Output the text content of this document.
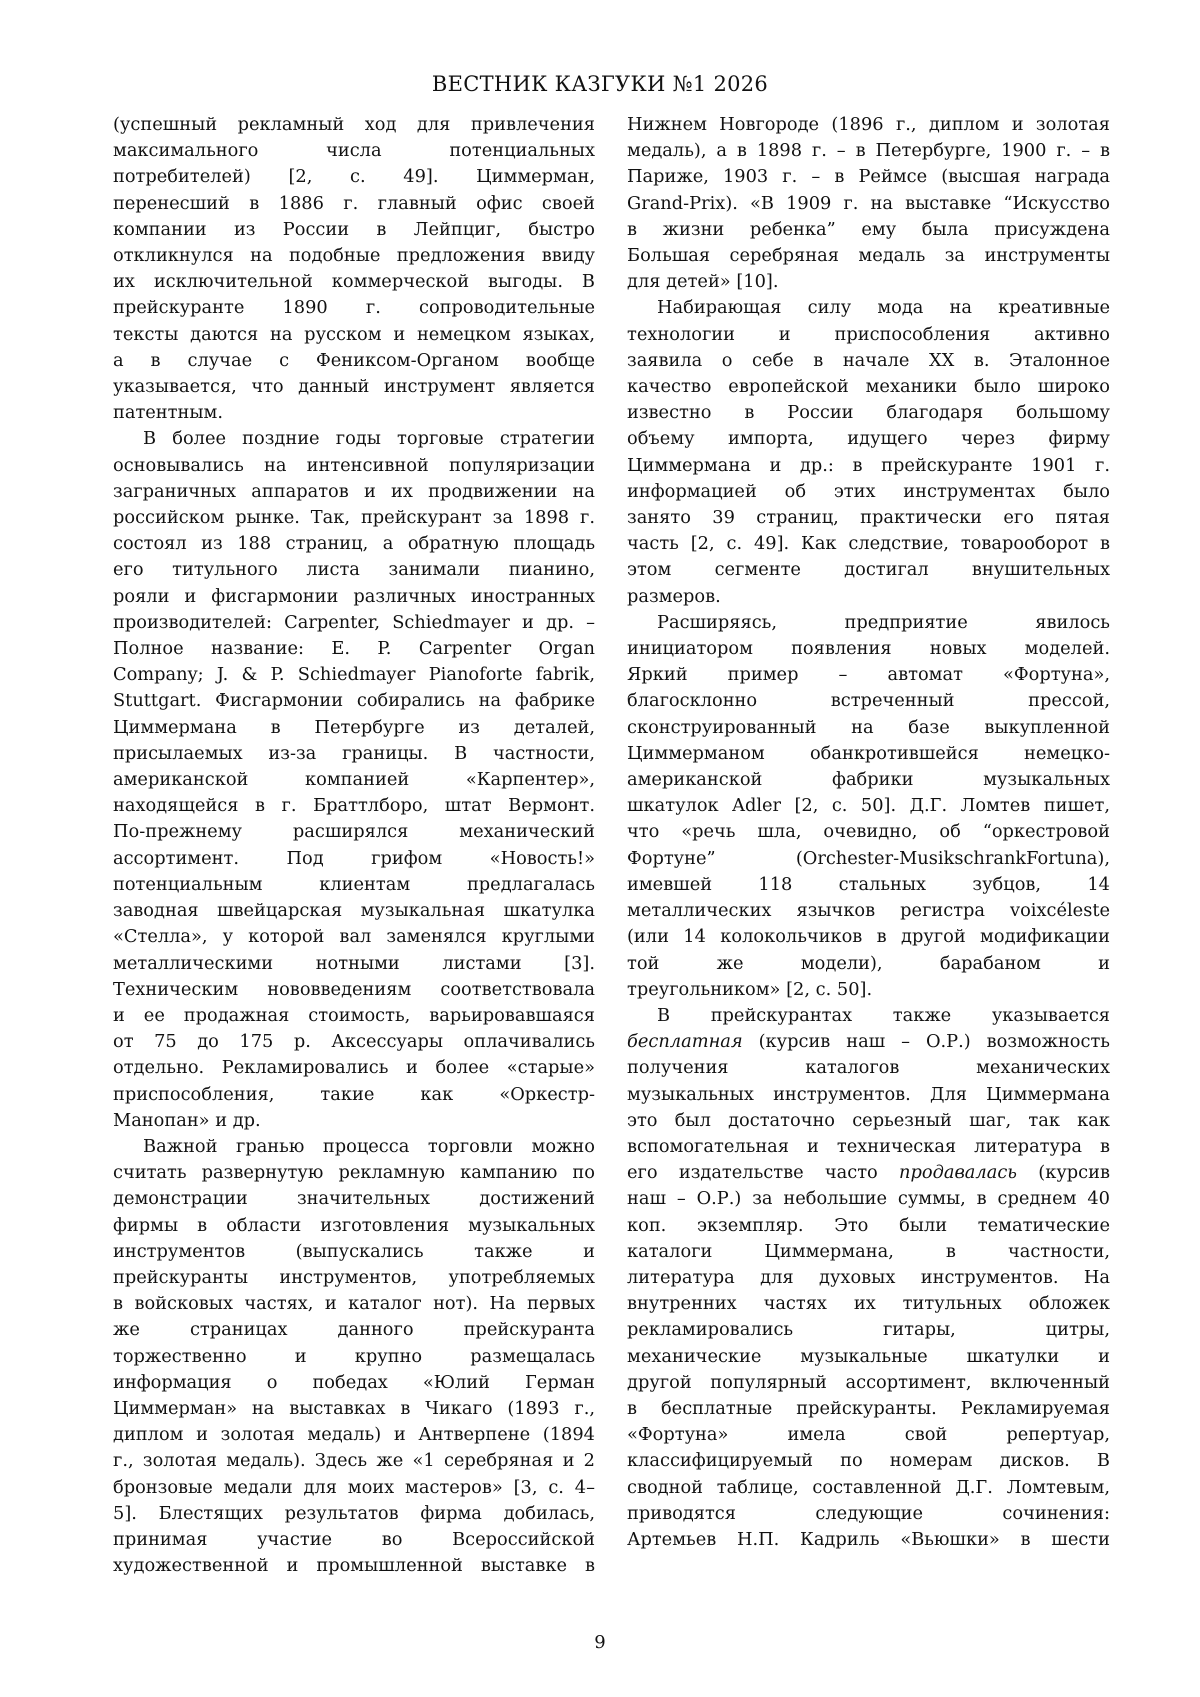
ВЕСТНИК КАЗГУКИ №1 2026

(успешный рекламный ход для привлечения
максимального числа потенциальных
потребителей) [2, с. 49]. Циммерман,
перенесший в 1886 г. главный офис своей
компании из России в Лейпциг, быстро
откликнулся на подобные предложения ввиду
их исключительной коммерческой выгоды. В
прейскуранте 1890 г. сопроводительные
тексты даются на русском и немецком языках,
а в случае с Фениксом-Органом вообще
указывается, что данный инструмент является
патентным.

В более поздние годы торговые стратегии
основывались на интенсивной популяризации
заграничных аппаратов и их продвижении на
российском рынке. Так, прейскурант за 1898 г.
состоял из 188 страниц, а обратную площадь
его титульного листа занимали пианино,
рояли и фисгармонии различных иностранных
производителей: Carpenter, Schiedmayer и др. –
Полное название: E. P. Carpenter Organ
Company; J. & P. Schiedmayer Pianoforte fabrik,
Stuttgart. Фисгармонии собирались на фабрике
Циммермана в Петербурге из деталей,
присылаемых из-за границы. В частности,
американской компанией «Карпентер»,
находящейся в г. Браттлборо, штат Вермонт.
По-прежнему расширялся механический
ассортимент. Под грифом «Новость!»
потенциальным клиентам предлагалась
заводная швейцарская музыкальная шкатулка
«Стелла», у которой вал заменялся круглыми
металлическими нотными листами [3].
Техническим нововведениям соответствовала
и ее продажная стоимость, варьировавшаяся
от 75 до 175 р. Аксессуары оплачивались
отдельно. Рекламировались и более «старые»
приспособления, такие как «Оркестр-
Манопан» и др.

Важной гранью процесса торговли можно
считать развернутую рекламную кампанию по
демонстрации значительных достижений
фирмы в области изготовления музыкальных
инструментов (выпускались также и
прейскуранты инструментов, употребляемых
в войсковых частях, и каталог нот). На первых
же страницах данного прейскуранта
торжественно и крупно размещалась
информация о победах «Юлий Герман
Циммерман» на выставках в Чикаго (1893 г.,
диплом и золотая медаль) и Антверпене (1894
г., золотая медаль). Здесь же «1 серебряная и 2
бронзовые медали для моих мастеров» [3, с. 4–
5]. Блестящих результатов фирма добилась,
принимая участие во Всероссийской
художественной и промышленной выставке в

Нижнем Новгороде (1896 г., диплом и золотая
медаль), а в 1898 г. – в Петербурге, 1900 г. – в
Париже, 1903 г. – в Реймсе (высшая награда
Grand-Prix). «В 1909 г. на выставке “Искусство
в жизни ребенка” ему была присуждена
Большая серебряная медаль за инструменты
для детей» [10].

Набирающая силу мода на креативные
технологии и приспособления активно
заявила о себе в начале XX в. Эталонное
качество европейской механики было широко
известно в России благодаря большому
объему импорта, идущего через фирму
Циммермана и др.: в прейскуранте 1901 г.
информацией об этих инструментах было
занято 39 страниц, практически его пятая
часть [2, с. 49]. Как следствие, товарооборот в
этом сегменте достигал внушительных
размеров.

Расширяясь, предприятие явилось
инициатором появления новых моделей.
Яркий пример – автомат «Фортуна»,
благосклонно встреченный прессой,
сконструированный на базе выкупленной
Циммерманом обанкротившейся немецко-
американской фабрики музыкальных
шкатулок Adler [2, с. 50]. Д.Г. Ломтев пишет,
что «речь шла, очевидно, об “оркестровой
Фортуне” (Orchester-MusikschrankFortuna),
имевшей 118 стальных зубцов, 14
металлических язычков регистра voixсéleste
(или 14 колокольчиков в другой модификации
той же модели), барабаном и
треугольником» [2, с. 50].

В прейскурантах также указывается
бесплатная (курсив наш – О.Р.) возможность
получения каталогов механических
музыкальных инструментов. Для Циммермана
это был достаточно серьезный шаг, так как
вспомогательная и техническая литература в
его издательстве часто продавалась (курсив
наш – О.Р.) за небольшие суммы, в среднем 40
коп. экземпляр. Это были тематические
каталоги Циммермана, в частности,
литература для духовых инструментов. На
внутренних частях их титульных обложек
рекламировались гитары, цитры,
механические музыкальные шкатулки и
другой популярный ассортимент, включенный
в бесплатные прейскуранты. Рекламируемая
«Фортуна» имела свой репертуар,
классифицируемый по номерам дисков. В
сводной таблице, составленной Д.Г. Ломтевым,
приводятся следующие сочинения:
Артемьев Н.П. Кадриль «Вьюшки» в шести

9
